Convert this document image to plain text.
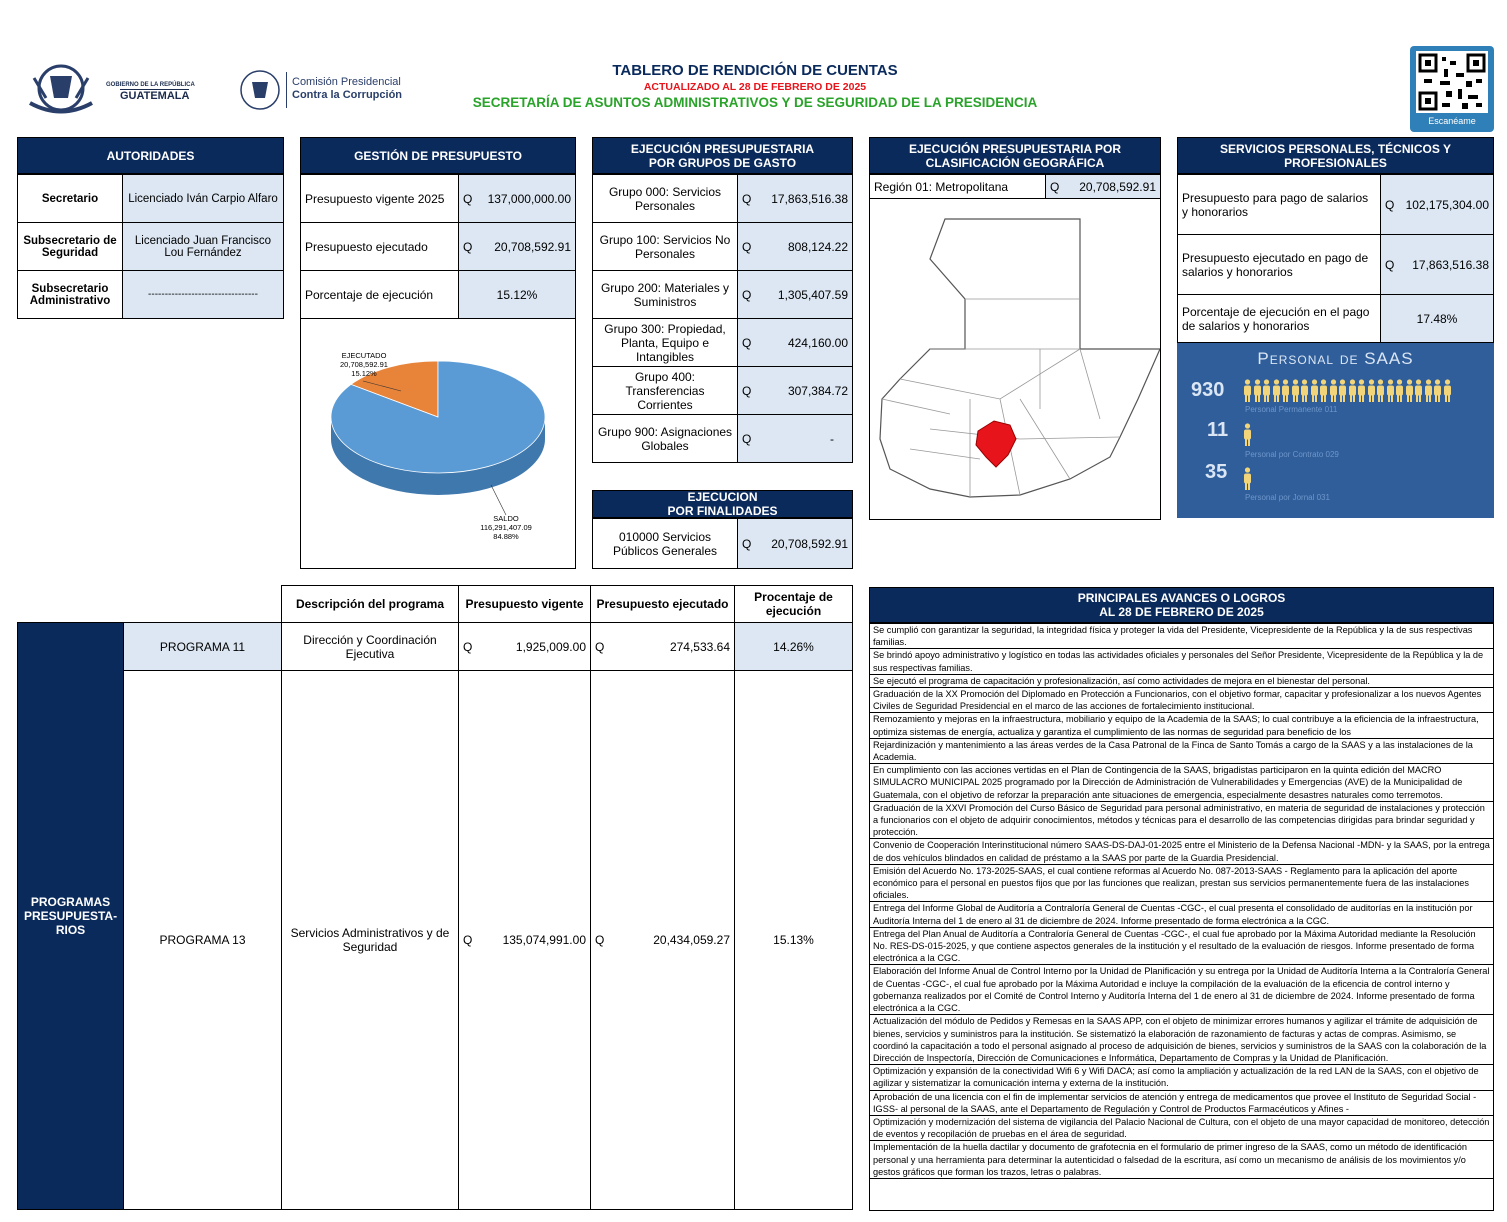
GOBIERNO DE LA REPÚBLICA
GUATEMALA
Comisión Presidencial
Contra la Corrupción
TABLERO DE RENDICIÓN DE CUENTAS
ACTUALIZADO AL 28 DE FEBRERO DE 2025
SECRETARÍA DE ASUNTOS ADMINISTRATIVOS Y DE SEGURIDAD DE LA PRESIDENCIA
Escanéame
AUTORIDADES
Secretario	Licenciado Iván Carpio Alfaro
Subsecretario de Seguridad	Licenciado Juan Francisco Lou Fernández
Subsecretario Administrativo	---------------------------------
GESTIÓN DE PRESUPUESTO
Presupuesto vigente 2025	Q 137,000,000.00

Presupuesto ejecutado	Q 20,708,592.91

Porcentaje de ejecución	15.12%
EJECUTADO
20,708,592.91
15.12%
SALDO
116,291,407.09
84.88%
EJECUCIÓN PRESUPUESTARIA
POR GRUPOS DE GASTO
Grupo 000: Servicios Personales	Q 17,863,516.38

Grupo 100: Servicios No Personales	Q 808,124.22

Grupo 200: Materiales y Suministros	Q 1,305,407.59

Grupo 300: Propiedad, Planta, Equipo e Intangibles	Q 424,160.00

Grupo 400: Transferencias Corrientes	Q 307,384.72

Grupo 900: Asignaciones Globales	Q -
EJECUCION
POR FINALIDADES
010000 Servicios Públicos Generales	Q 20,708,592.91
EJECUCIÓN PRESUPUESTARIA POR
CLASIFICACIÓN GEOGRÁFICA
Región 01: Metropolitana	Q 20,708,592.91
SERVICIOS PERSONALES, TÉCNICOS Y PROFESIONALES
Presupuesto para pago de salarios y honorarios	Q 102,175,304.00

Presupuesto ejecutado en pago de salarios y honorarios	Q 17,863,516.38

Porcentaje de ejecución en el pago de salarios y honorarios	17.48%
Personal de SAAS
930
Personal Permanente 011
11
Personal por Contrato 029
35
Personal por Jornal 031
		Descripción del programa	Presupuesto vigente	Presupuesto ejecutado	Procentaje de ejecución
PROGRAMAS PRESUPUESTA-RIOS	PROGRAMA 11	Dirección y Coordinación Ejecutiva	Q 1,925,009.00	Q 274,533.64	14.26%
	PROGRAMA 13	Servicios Administrativos y de Seguridad	Q 135,074,991.00	Q 20,434,059.27	15.13%
PRINCIPALES AVANCES O LOGROS
AL 28 DE FEBRERO DE 2025
Se cumplió con garantizar la seguridad, la integridad física y proteger la vida del Presidente, Vicepresidente de la República y la de sus respectivas familias.
Se brindó apoyo administrativo y logístico en todas las actividades oficiales y personales del Señor Presidente, Vicepresidente de la República y la de sus respectivas familias.
Se ejecutó el programa de capacitación y profesionalización, así como actividades de mejora en el bienestar del personal.
Graduación de la XX Promoción del Diplomado en Protección a Funcionarios, con el objetivo formar, capacitar y profesionalizar a los nuevos Agentes Civiles de Seguridad Presidencial en el marco de las acciones de fortalecimiento institucional.
Remozamiento y mejoras en la infraestructura, mobiliario y equipo de la Academia de la SAAS; lo cual contribuye a la eficiencia de la infraestructura, optimiza sistemas de energía, actualiza y garantiza el cumplimiento de las normas de seguridad para beneficio de los
Rejardinización y mantenimiento a las áreas verdes de la Casa Patronal de la Finca de Santo Tomás a cargo de la SAAS y a las instalaciones de la Academia.
En cumplimiento con las acciones vertidas en el Plan de Contingencia de la SAAS, brigadistas participaron en la quinta edición del MACRO SIMULACRO MUNICIPAL 2025 programado por la Dirección de Administración de Vulnerabilidades y Emergencias (AVE) de la Municipalidad de Guatemala, con el objetivo de reforzar la preparación ante situaciones de emergencia, especialmente desastres naturales como terremotos.
Graduación de la XXVI Promoción del Curso Básico de Seguridad para personal administrativo, en materia de seguridad de instalaciones y protección a funcionarios con el objeto de adquirir conocimientos, métodos y técnicas para el desarrollo de las competencias dirigidas para brindar seguridad y protección.
Convenio de Cooperación Interinstitucional número SAAS-DS-DAJ-01-2025 entre el Ministerio de la Defensa Nacional -MDN- y la SAAS, por la entrega de dos vehículos blindados en calidad de préstamo a la SAAS por parte de la Guardia Presidencial.
Emisión del Acuerdo No. 173-2025-SAAS, el cual contiene reformas al Acuerdo No. 087-2013-SAAS - Reglamento para la aplicación del aporte económico para el personal en puestos fijos que por las funciones que realizan, prestan sus servicios permanentemente fuera de las instalaciones oficiales.
Entrega del Informe Global de Auditoría a Contraloría General de Cuentas -CGC-, el cual presenta el consolidado de auditorías en la institución por Auditoría Interna del 1 de enero al 31 de diciembre de 2024. Informe presentado de forma electrónica a la CGC.
Entrega del Plan Anual de Auditoría a Contraloría General de Cuentas -CGC-, el cual fue aprobado por la Máxima Autoridad mediante la Resolución No. RES-DS-015-2025, y que contiene aspectos generales de la institución y el resultado de la evaluación de riesgos. Informe presentado de forma electrónica a la CGC.
Elaboración del Informe Anual de Control Interno por la Unidad de Planificación y su entrega por la Unidad de Auditoría Interna a la Contraloría General de Cuentas -CGC-, el cual fue aprobado por la Máxima Autoridad e incluye la compilación de la evaluación de la eficencia de control interno y gobernanza realizados por el Comité de Control Interno y Auditoría Interna del 1 de enero al 31 de diciembre de 2024. Informe presentado de forma electrónica a la CGC.
Actualización del módulo de Pedidos y Remesas en la SAAS APP, con el objeto de minimizar errores humanos y agilizar el trámite de adquisición de bienes, servicios y suministros para la institución. Se sistematizó la elaboración de razonamiento de facturas y actas de compras. Asimismo, se coordinó la capacitación a todo el personal asignado al proceso de adquisición de bienes, servicios y suministros de la SAAS con la colaboración de la Dirección de Inspectoría, Dirección de Comunicaciones e Informática, Departamento de Compras y la Unidad de Planificación.
Optimización y expansión de la conectividad Wifi 6 y Wifi DACA; así como la ampliación y actualización de la red LAN de la SAAS, con el objetivo de agilizar y sistematizar la comunicación interna y externa de la institución.
Aprobación de una licencia con el fin de implementar servicios de atención y entrega de medicamentos que provee el Instituto de Seguridad Social -IGSS- al personal de la SAAS, ante el Departamento de Regulación y Control de Productos Farmacéuticos y Afines -
Optimización y modernización del sistema de vigilancia del Palacio Nacional de Cultura, con el objeto de una mayor capacidad de monitoreo, detección de eventos y recopilación de pruebas en el área de seguridad.
Implementación de la huella dactilar y documento de grafotecnia en el formulario de primer ingreso de la SAAS, como un método de identificación personal y una herramienta para determinar la autenticidad o falsedad de la escritura, así como un mecanismo de análisis de los movimientos y/o gestos gráficos que forman los trazos, letras o palabras.
